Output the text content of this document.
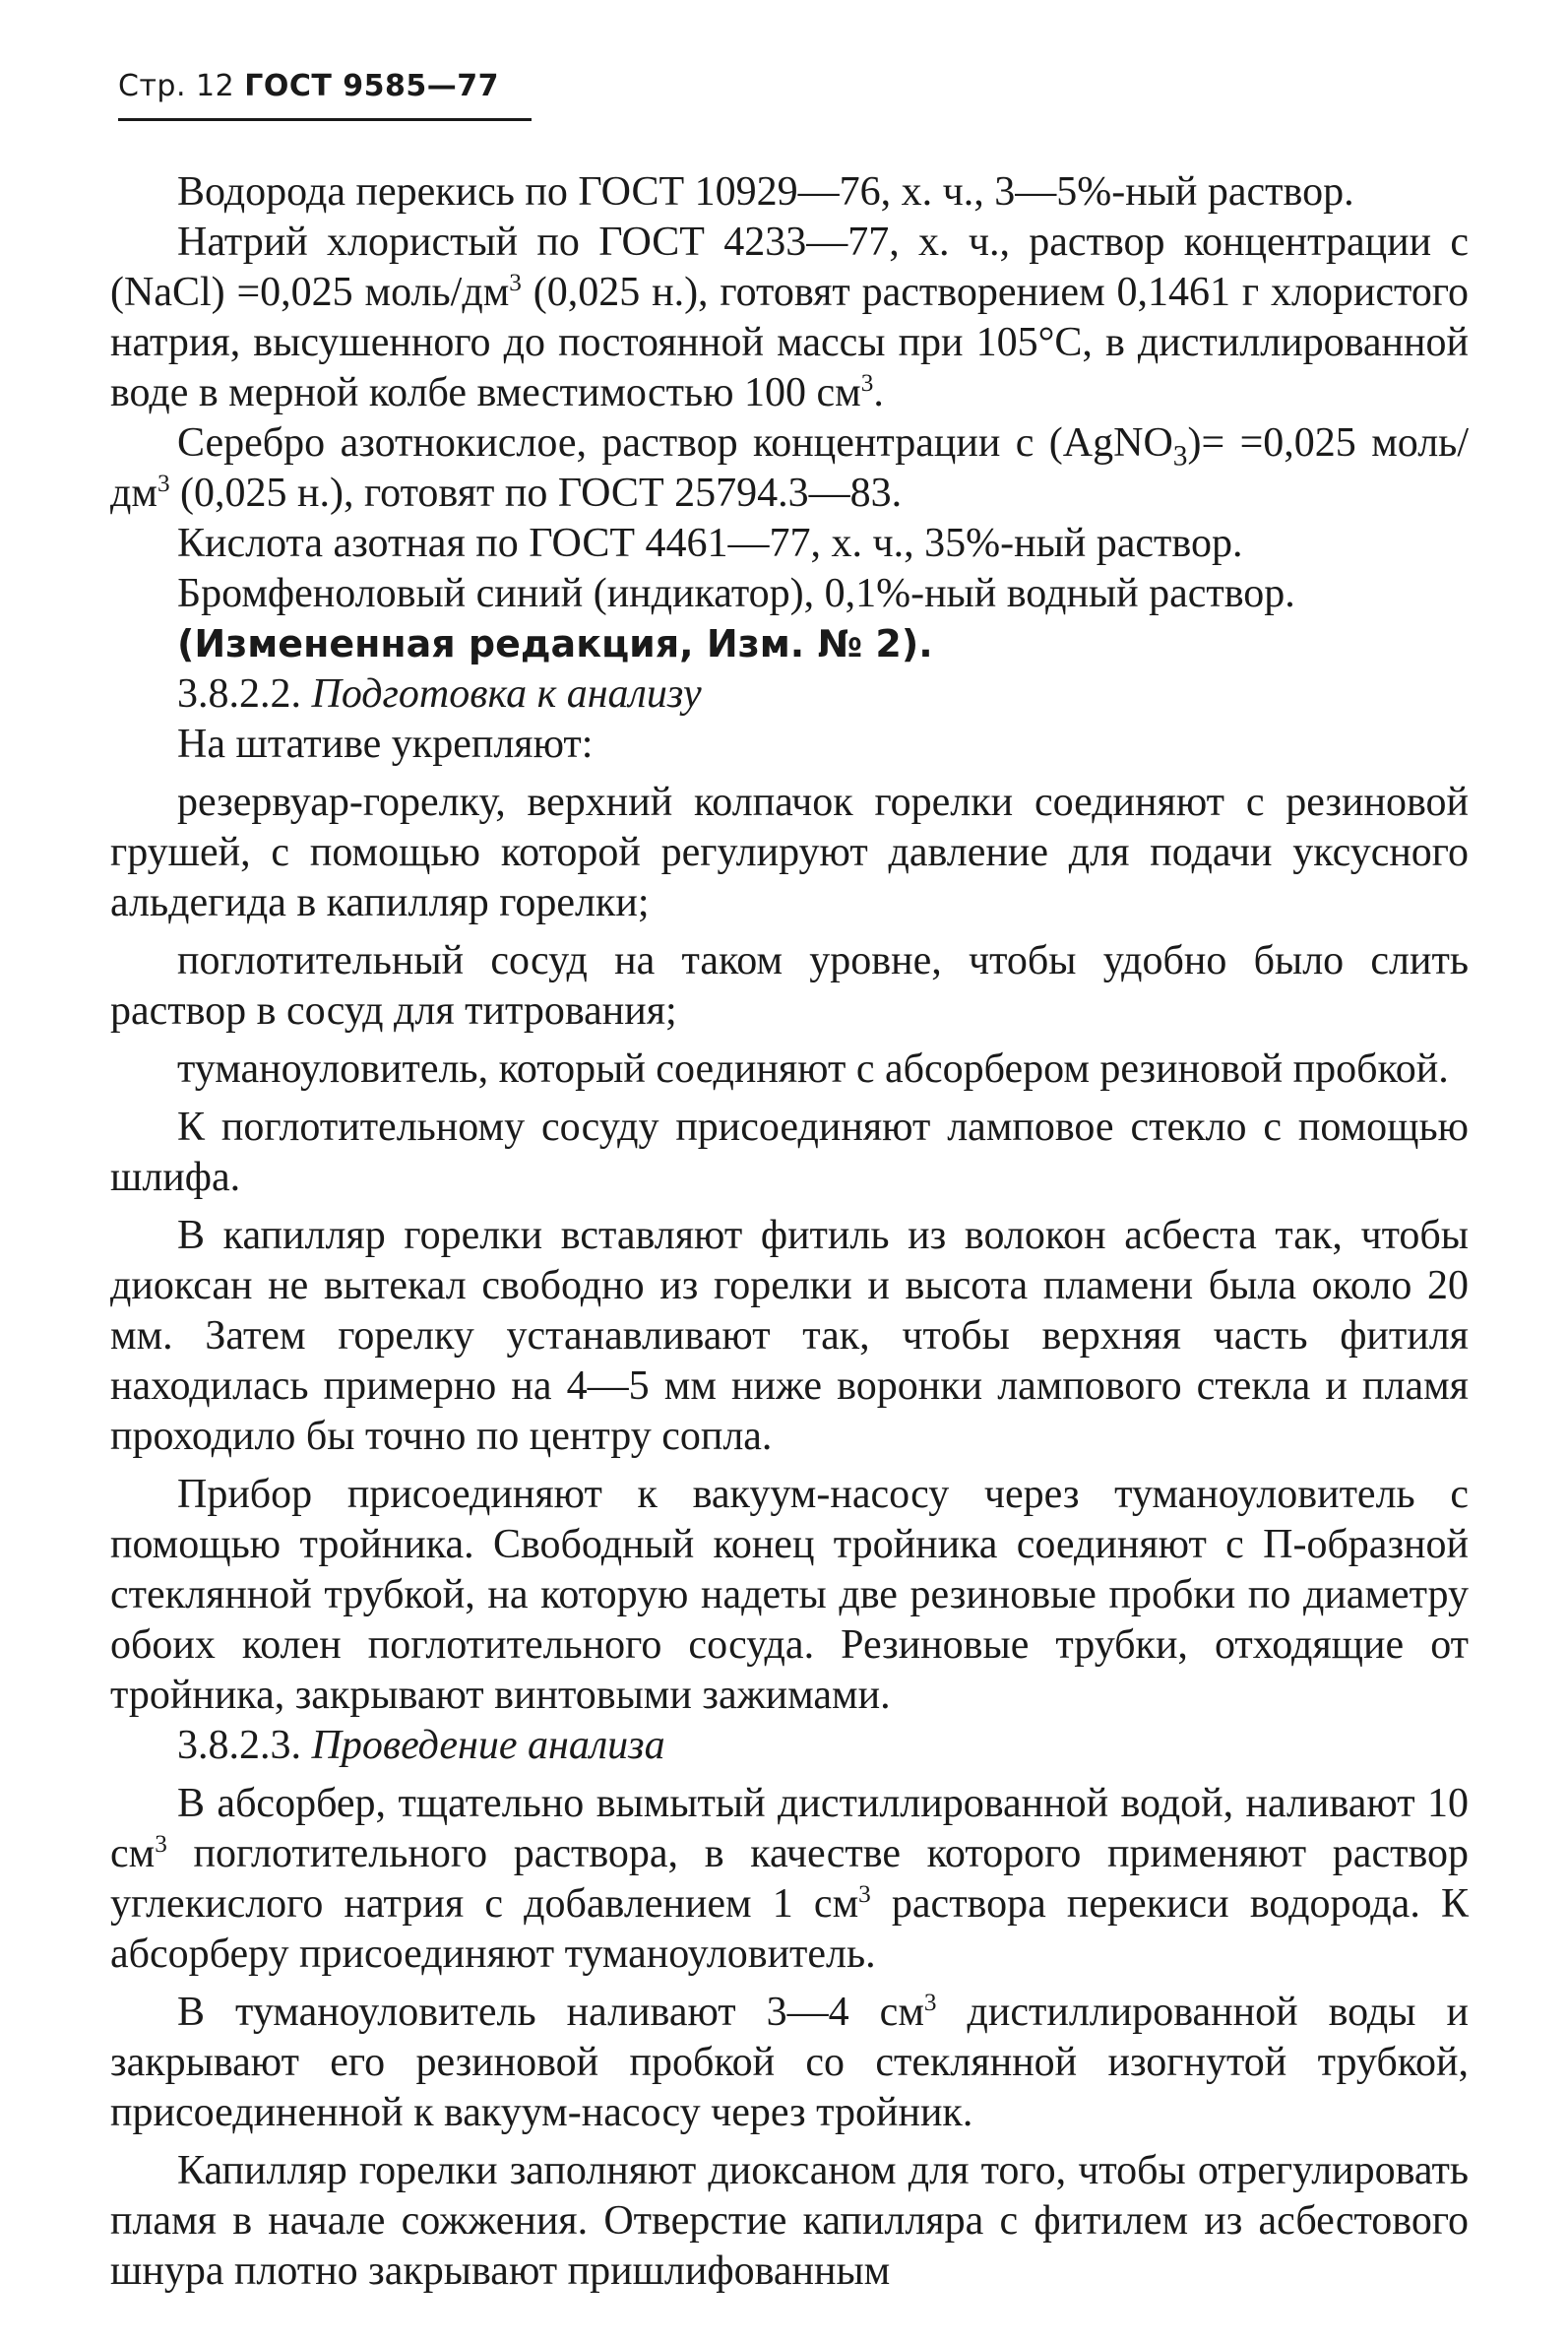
Стр. 12 ГОСТ 9585—77

Водорода перекись по ГОСТ 10929—76, х. ч., 3—5%-ный раствор.

Натрий хлористый по ГОСТ 4233—77, х. ч., раствор концентрации с (NaCl) =0,025 моль/$дм^3$ (0,025 н.), готовят растворением 0,1461 г хлористого натрия, высушенного до постоянной массы при 105°С, в дистиллированной воде в мерной колбе вместимостью 100 $см^3$.

Серебро азотнокислое, раствор концентрации с (AgNO$_3$)= =0,025 моль/$дм^3$ (0,025 н.), готовят по ГОСТ 25794.3—83.

Кислота азотная по ГОСТ 4461—77, х. ч., 35%-ный раствор.

Бромфеноловый синий (индикатор), 0,1%-ный водный раствор.

(Измененная редакция, Изм. № 2).

3.8.2.2. Подготовка к анализу

На штативе укрепляют:

резервуар-горелку, верхний колпачок горелки соединяют с резиновой грушей, с помощью которой регулируют давление для подачи уксусного альдегида в капилляр горелки;

поглотительный сосуд на таком уровне, чтобы удобно было слить раствор в сосуд для титрования;

туманоуловитель, который соединяют с абсорбером резиновой пробкой.

К поглотительному сосуду присоединяют ламповое стекло с помощью шлифа.

В капилляр горелки вставляют фитиль из волокон асбеста так, чтобы диоксан не вытекал свободно из горелки и высота пламени была около 20 мм. Затем горелку устанавливают так, чтобы верхняя часть фитиля находилась примерно на 4—5 мм ниже воронки лампового стекла и пламя проходило бы точно по центру сопла.

Прибор присоединяют к вакуум-насосу через туманоуловитель с помощью тройника. Свободный конец тройника соединяют с П-образной стеклянной трубкой, на которую надеты две резиновые пробки по диаметру обоих колен поглотительного сосуда. Резиновые трубки, отходящие от тройника, закрывают винтовыми зажимами.

3.8.2.3. Проведение анализа

В абсорбер, тщательно вымытый дистиллированной водой, наливают 10 $см^3$ поглотительного раствора, в качестве которого применяют раствор углекислого натрия с добавлением 1 $см^3$ раствора перекиси водорода. К абсорберу присоединяют туманоуловитель.

В туманоуловитель наливают 3—4 $см^3$ дистиллированной воды и закрывают его резиновой пробкой со стеклянной изогнутой трубкой, присоединенной к вакуум-насосу через тройник.

Капилляр горелки заполняют диоксаном для того, чтобы отрегулировать пламя в начале сожжения. Отверстие капилляра с фитилем из асбестового шнура плотно закрывают пришлифованным
